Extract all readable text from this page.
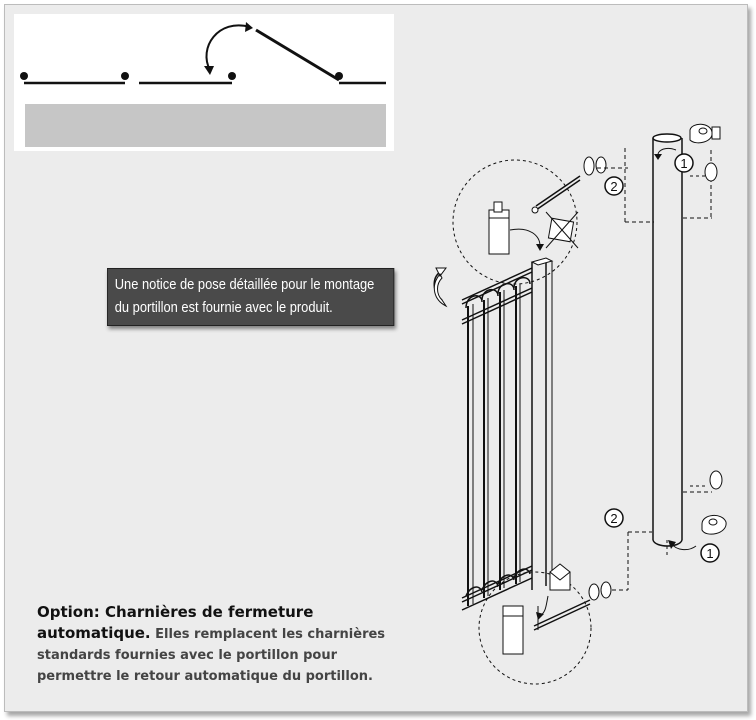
1
2
2
1
Une notice de pose détaillée pour le montage
du portillon est fournie avec le produit.
Option: Charnières de fermeture
automatique. Elles remplacent les charnières
standards fournies avec le portillon pour
permettre le retour automatique du portillon.
